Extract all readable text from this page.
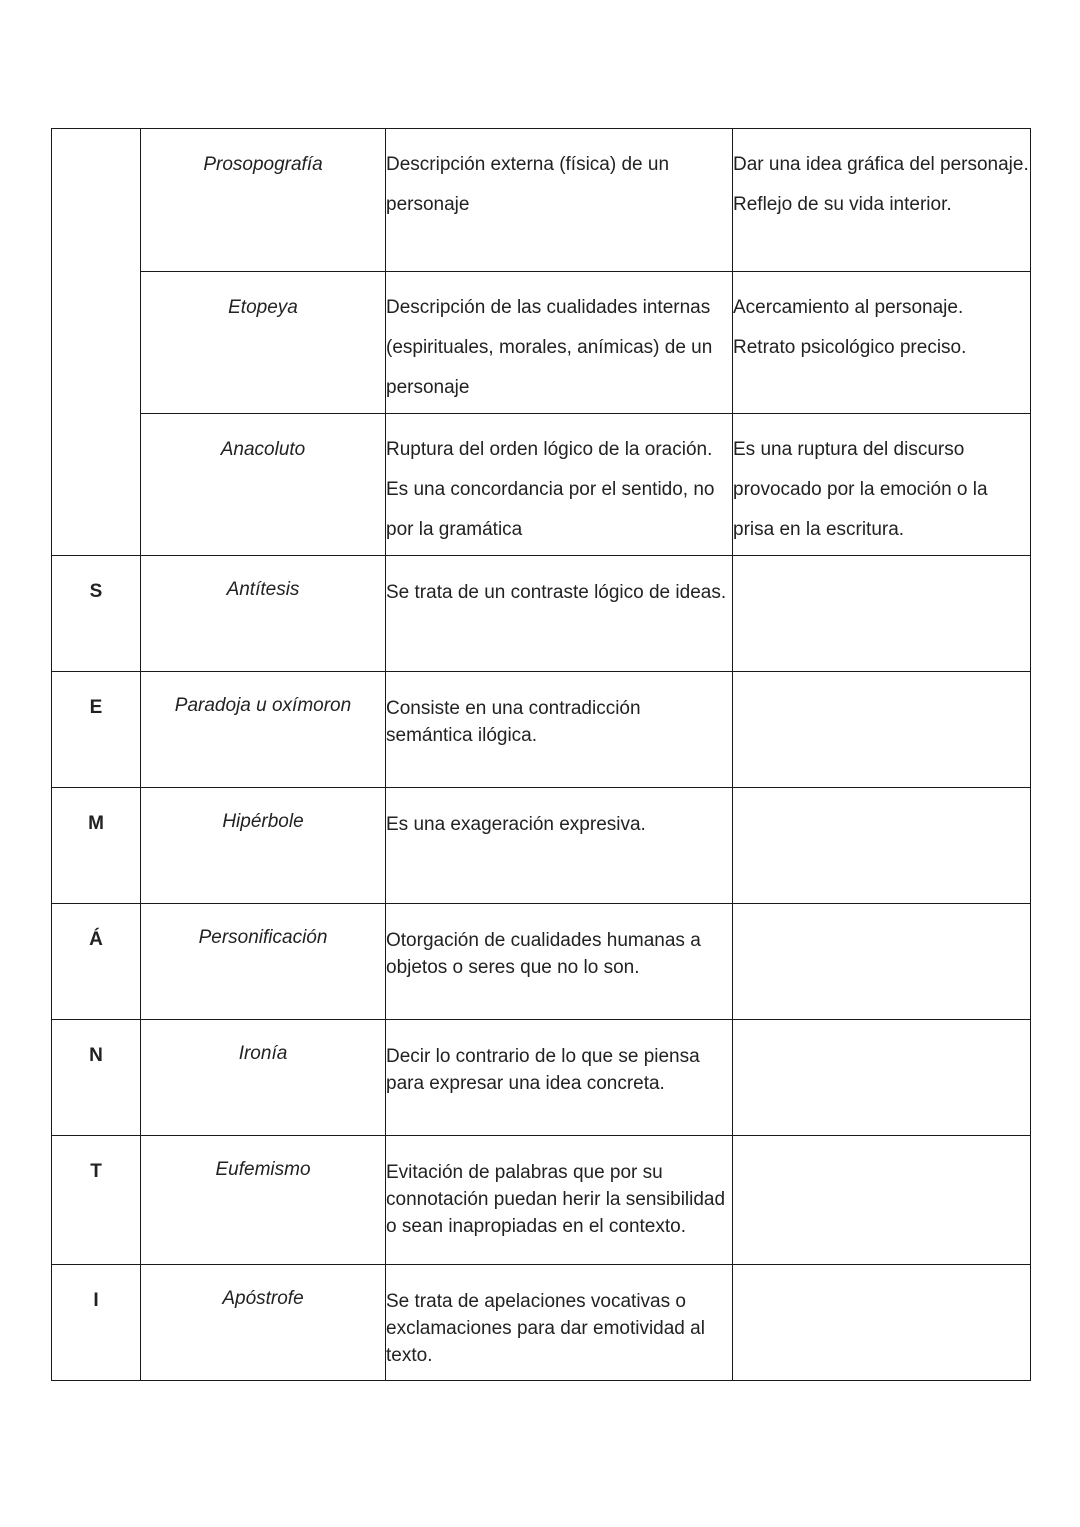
	Prosopografía	Descripción externa (física) de un personaje	Dar una idea gráfica del personaje. Reflejo de su vida interior.
	Etopeya	Descripción de las cualidades internas (espirituales, morales, anímicas) de un personaje	Acercamiento al personaje. Retrato psicológico preciso.
	Anacoluto	Ruptura del orden lógico de la oración. Es una concordancia por el sentido, no por la gramática	Es una ruptura del discurso provocado por la emoción o la prisa en la escritura.
S	Antítesis	Se trata de un contraste lógico de ideas.	
E	Paradoja u oxímoron	Consiste en una contradicción semántica ilógica.	
M	Hipérbole	Es una exageración expresiva.	
Á	Personificación	Otorgación de cualidades humanas a objetos o seres que no lo son.	
N	Ironía	Decir lo contrario de lo que se piensa para expresar una idea concreta.	
T	Eufemismo	Evitación de palabras que por su connotación puedan herir la sensibilidad o sean inapropiadas en el contexto.	
I	Apóstrofe	Se trata de apelaciones vocativas o exclamaciones para dar emotividad al texto.	
